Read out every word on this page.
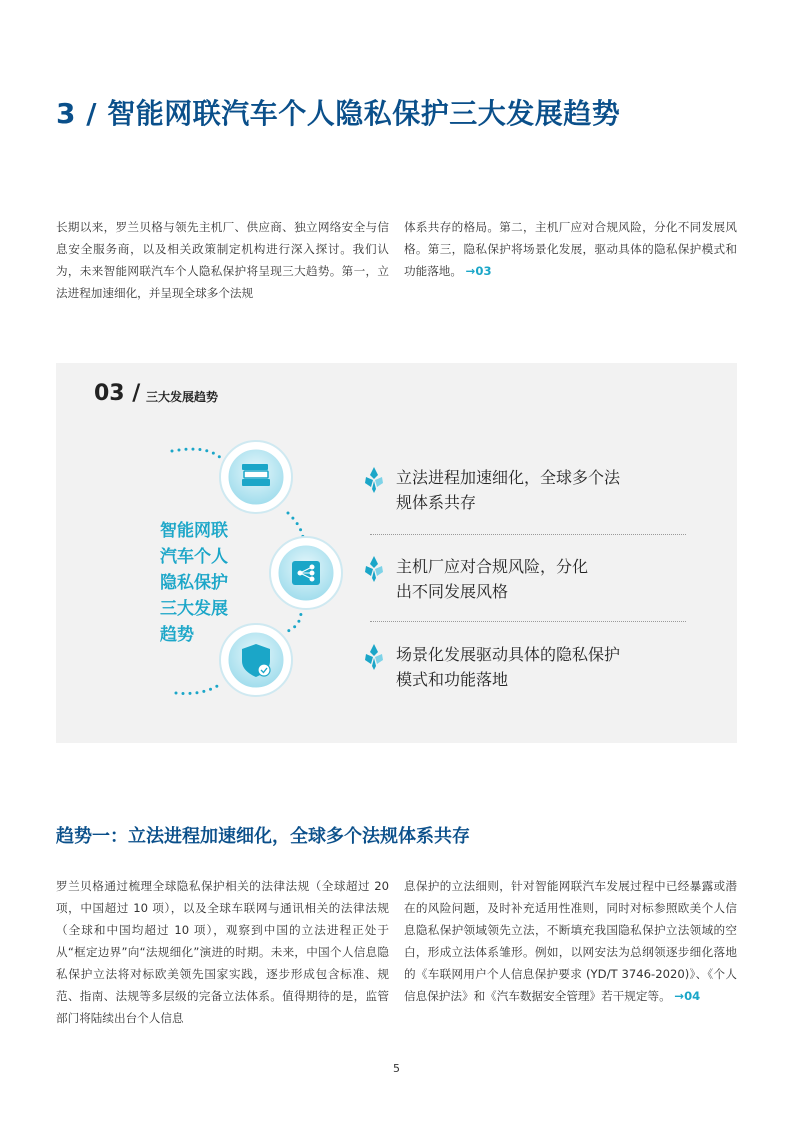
3 / 智能网联汽车个人隐私保护三大发展趋势

长期以来，罗兰贝格与领先主机厂、供应商、独立网络安全与信息安全服务商，以及相关政策制定机构进行深入探讨。我们认为，未来智能网联汽车个人隐私保护将呈现三大趋势。第一，立法进程加速细化，并呈现全球多个法规

体系共存的格局。第二，主机厂应对合规风险，分化不同发展风格。第三，隐私保护将场景化发展，驱动具体的隐私保护模式和功能落地。 →03

03 / 三大发展趋势
智能网联
汽车个人
隐私保护
三大发展
趋势
立法进程加速细化，全球多个法
规体系共存
主机厂应对合规风险，分化
出不同发展风格
场景化发展驱动具体的隐私保护
模式和功能落地
趋势一：立法进程加速细化，全球多个法规体系共存

罗兰贝格通过梳理全球隐私保护相关的法律法规（全球超过 20 项，中国超过 10 项），以及全球车联网与通讯相关的法律法规（全球和中国均超过 10 项），观察到中国的立法进程正处于从“框定边界”向“法规细化”演进的时期。未来，中国个人信息隐私保护立法将对标欧美领先国家实践，逐步形成包含标准、规范、指南、法规等多层级的完备立法体系。值得期待的是，监管部门将陆续出台个人信息

息保护的立法细则，针对智能网联汽车发展过程中已经暴露或潜在的风险问题，及时补充适用性准则，同时对标参照欧美个人信息隐私保护领域领先立法，不断填充我国隐私保护立法领域的空白，形成立法体系雏形。例如，以网安法为总纲领逐步细化落地的《车联网用户个人信息保护要求 (YD/T 3746-2020)》、《个人信息保护法》和《汽车数据安全管理》若干规定等。 →04

5
